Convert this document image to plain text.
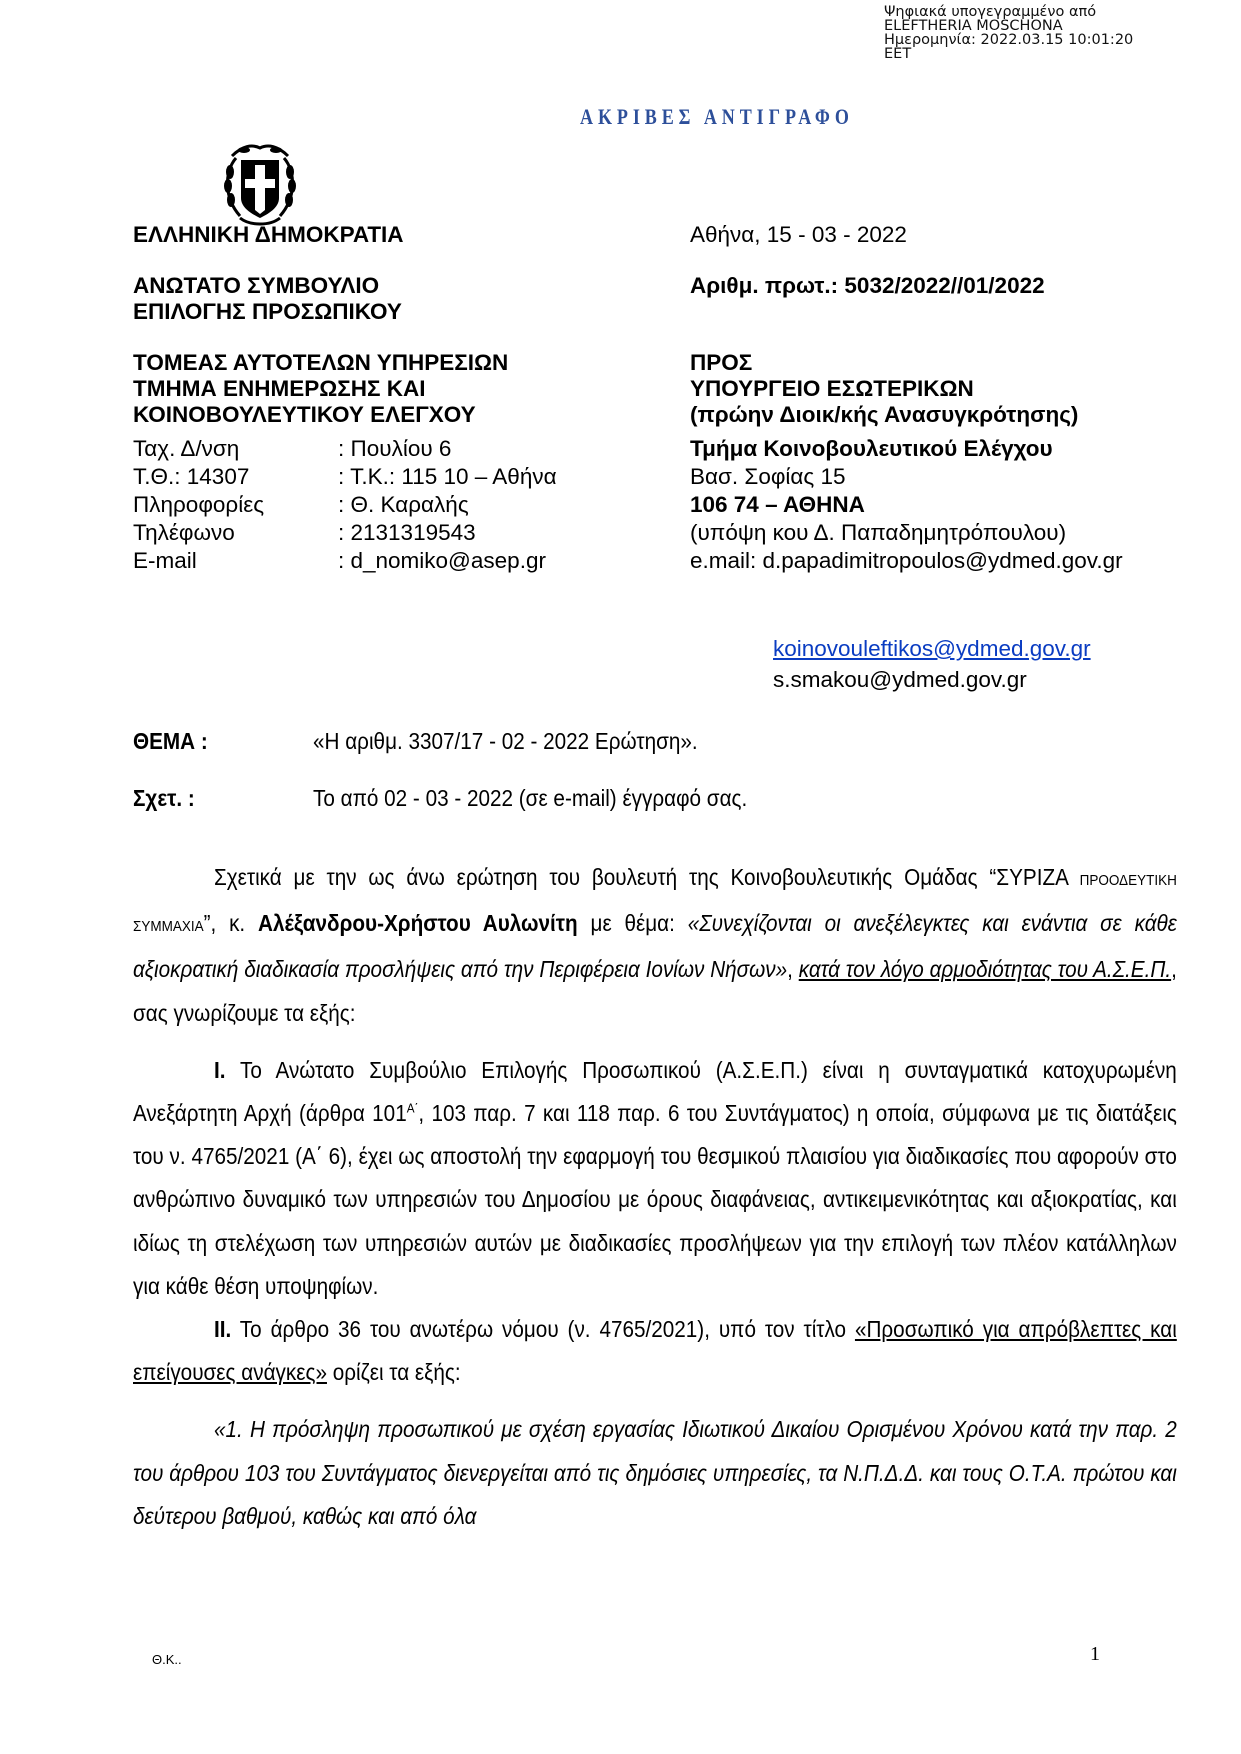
Ψηφιακά υπογεγραμμένο από
ELEFTHERIA MOSCHONA
Ημερομηνία: 2022.03.15 10:01:20
EET
ΑΚΡΙΒΕΣ ΑΝΤΙΓΡΑΦΟ
ΕΛΛΗΝΙΚΗ ΔΗΜΟΚΡΑΤΙΑ
ΑΝΩΤΑΤΟ ΣΥΜΒΟΥΛΙΟ
ΕΠΙΛΟΓΗΣ ΠΡΟΣΩΠΙΚΟΥ
ΤΟΜΕΑΣ ΑΥΤΟΤΕΛΩΝ ΥΠΗΡΕΣΙΩΝ
ΤΜΗΜΑ ΕΝΗΜΕΡΩΣΗΣ ΚΑΙ
ΚΟΙΝΟΒΟΥΛΕΥΤΙΚΟΥ ΕΛΕΓΧΟΥ
Ταχ. Δ/νση	: Πουλίου 6
Τ.Θ.: 14307	: Τ.Κ.: 115 10 – Αθήνα
Πληροφορίες	: Θ. Καραλής
Τηλέφωνο	: 2131319543
E-mail	: d_nomiko@asep.gr
Αθήνα, 15 - 03 - 2022
Αριθμ. πρωτ.: 5032/2022//01/2022
ΠΡΟΣ
ΥΠΟΥΡΓΕΙΟ ΕΣΩΤΕΡΙΚΩΝ
(πρώην Διοικ/κής Ανασυγκρότησης)
Τμήμα Κοινοβουλευτικού Ελέγχου
Βασ. Σοφίας 15
106 74 – ΑΘΗΝΑ
(υπόψη κου Δ. Παπαδημητρόπουλου)
e.mail: d.papadimitropoulos@ydmed.gov.gr
koinovouleftikos@ydmed.gov.gr
s.smakou@ydmed.gov.gr
ΘΕΜΑ :	«Η αριθμ. 3307/17 - 02 - 2022 Ερώτηση».
Σχετ. :	Το από 02 - 03 - 2022 (σε e-mail) έγγραφό σας.

Σχετικά με την ως άνω ερώτηση του βουλευτή της Κοινοβουλευτικής Ομάδας “ΣΥΡΙΖΑ ΠΡΟΟΔΕΥΤΙΚΗ ΣΥΜΜΑΧΙΑ”, κ. Αλέξανδρου-Χρήστου Αυλωνίτη με θέμα: «Συνεχίζονται οι ανεξέλεγκτες και ενάντια σε κάθε αξιοκρατική διαδικασία προσλήψεις από την Περιφέρεια Ιονίων Νήσων», κατά τον λόγο αρμοδιότητας του Α.Σ.Ε.Π., σας γνωρίζουμε τα εξής:

Ι. Το Ανώτατο Συμβούλιο Επιλογής Προσωπικού (Α.Σ.Ε.Π.) είναι η συνταγματικά κατοχυρωμένη Ανεξάρτητη Αρχή (άρθρα $101^{A΄}$, 103 παρ. 7 και 118 παρ. 6 του Συντάγματος) η οποία, σύμφωνα με τις διατάξεις του ν. 4765/2021 (Α΄ 6), έχει ως αποστολή την εφαρμογή του θεσμικού πλαισίου για διαδικασίες που αφορούν στο ανθρώπινο δυναμικό των υπηρεσιών του Δημοσίου με όρους διαφάνειας, αντικειμενικότητας και αξιοκρατίας, και ιδίως τη στελέχωση των υπηρεσιών αυτών με διαδικασίες προσλήψεων για την επιλογή των πλέον κατάλληλων για κάθε θέση υποψηφίων.

ΙΙ. Το άρθρο 36 του ανωτέρω νόμου (ν. 4765/2021), υπό τον τίτλο «Προσωπικό για απρόβλεπτες και επείγουσες ανάγκες» ορίζει τα εξής:

«1. Η πρόσληψη προσωπικού με σχέση εργασίας Ιδιωτικού Δικαίου Ορισμένου Χρόνου κατά την παρ. 2 του άρθρου 103 του Συντάγματος διενεργείται από τις δημόσιες υπηρεσίες, τα Ν.Π.Δ.Δ. και τους Ο.Τ.Α. πρώτου και δεύτερου βαθμού, καθώς και από όλα

Θ.Κ..	1
